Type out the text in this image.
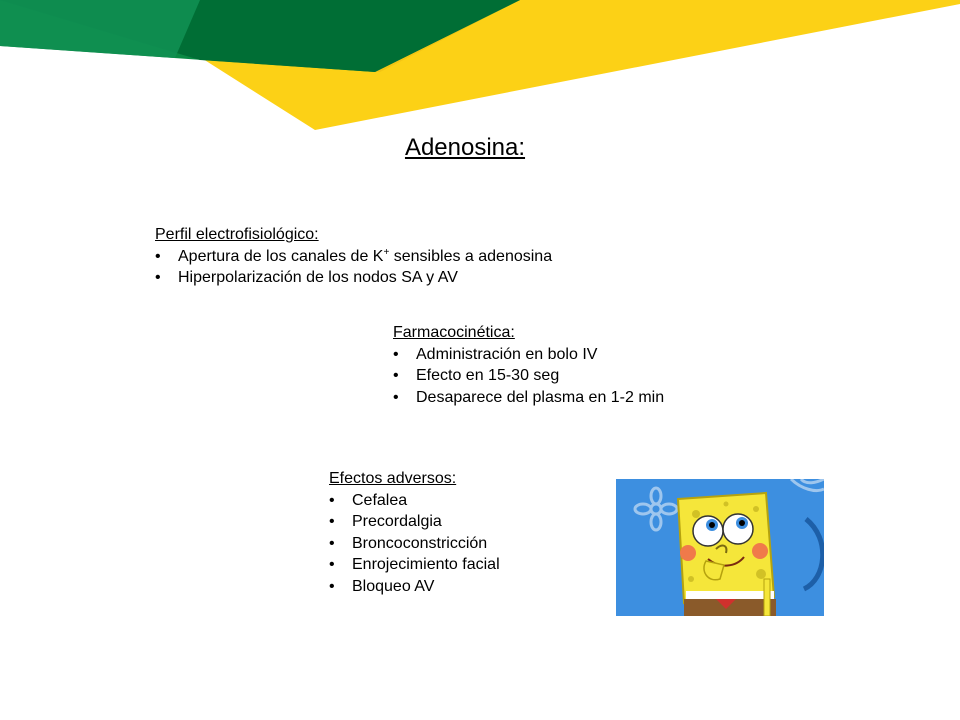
Adenosina:
Perfil electrofisiológico:
• Apertura de los canales de K+ sensibles a adenosina
• Hiperpolarización de los nodos SA y AV
Farmacocinética:
• Administración en bolo IV
• Efecto en 15-30 seg
• Desaparece del plasma en 1-2 min
Efectos adversos:
• Cefalea
• Precordalgia
• Broncoconstricción
• Enrojecimiento facial
• Bloqueo AV
